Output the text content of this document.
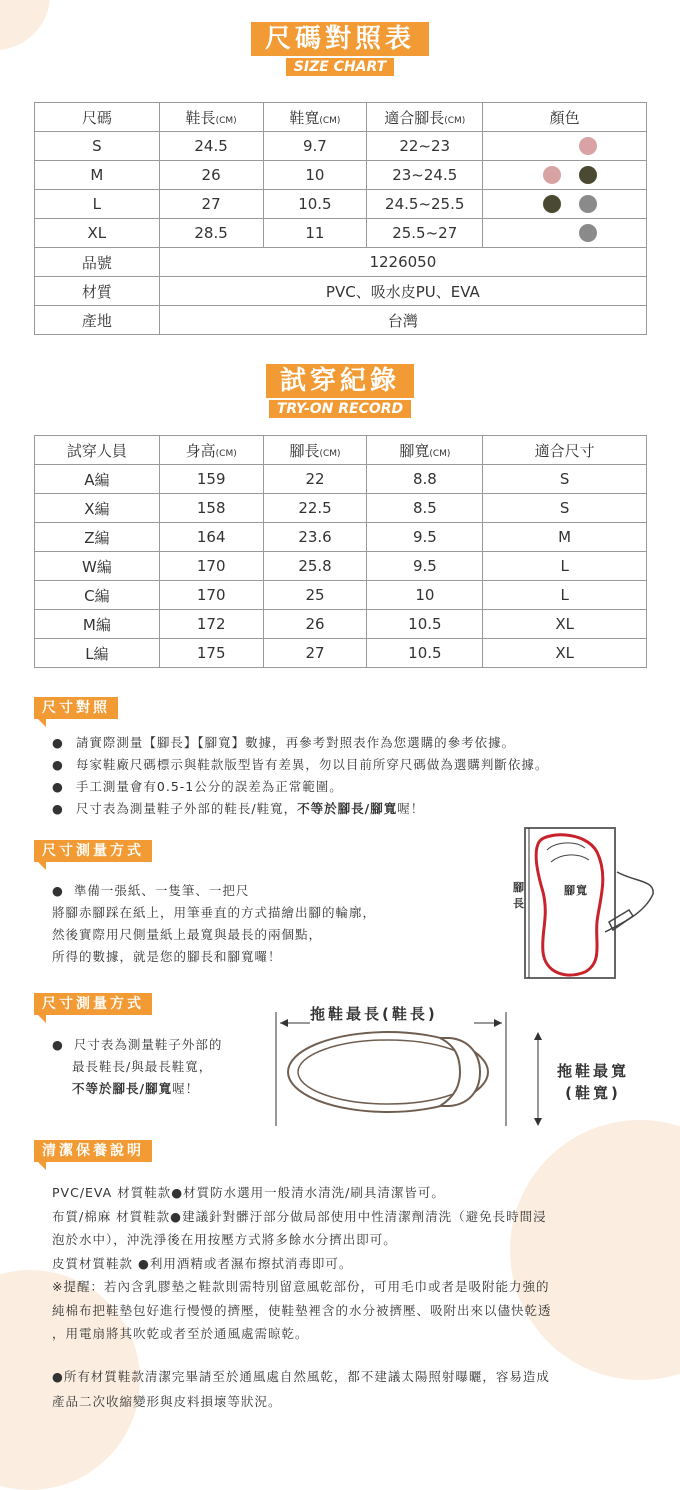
尺碼對照表
SIZE CHART
尺碼	鞋長(CM)	鞋寬(CM)	適合腳長(CM)	顏色
S	24.5	9.7	22~23	
M	26	10	23~24.5	
L	27	10.5	24.5~25.5	
XL	28.5	11	25.5~27	
品號	1226050			
材質	PVC、吸水皮PU、EVA			
產地	台灣			
試穿紀錄
TRY-ON RECORD
試穿人員	身高(CM)	腳長(CM)	腳寬(CM)	適合尺寸
A編	159	22	8.8	S
X編	158	22.5	8.5	S
Z編	164	23.6	9.5	M
W編	170	25.8	9.5	L
C編	170	25	10	L
M編	172	26	10.5	XL
L編	175	27	10.5	XL
尺寸對照
● 請實際測量【腳長】【腳寬】數據，再參考對照表作為您選購的參考依據。
● 每家鞋廠尺碼標示與鞋款版型皆有差異，勿以目前所穿尺碼做為選購判斷依據。
● 手工測量會有0.5-1公分的誤差為正常範圍。
● 尺寸表為測量鞋子外部的鞋長/鞋寬，不等於腳長/腳寬喔！
尺寸測量方式
●  準備一張紙、一隻筆、一把尺
將腳赤腳踩在紙上，用筆垂直的方式描繪出腳的輪廓，
然後實際用尺側量紙上最寬與最長的兩個點，
所得的數據，就是您的腳長和腳寬囉！
腳長
腳寬
尺寸測量方式
●  尺寸表為測量鞋子外部的
最長鞋長/與最長鞋寬，
不等於腳長/腳寬喔！
拖鞋最長(鞋長)
拖鞋最寬
(鞋寬)
清潔保養說明
PVC/EVA 材質鞋款●材質防水選用一般清水清洗/刷具清潔皆可。
布質/棉麻 材質鞋款●建議針對髒汙部分做局部使用中性清潔劑清洗（避免長時間浸
泡於水中），沖洗淨後在用按壓方式將多餘水分擠出即可。
皮質材質鞋款 ●利用酒精或者濕布擦拭消毒即可。
※提醒：若內含乳膠墊之鞋款則需特別留意風乾部份，可用毛巾或者是吸附能力強的
純棉布把鞋墊包好進行慢慢的擠壓，使鞋墊裡含的水分被擠壓、吸附出來以儘快乾透
，用電扇將其吹乾或者至於通風處需晾乾。
●所有材質鞋款清潔完畢請至於通風處自然風乾，都不建議太陽照射曝曬，容易造成
產品二次收縮變形與皮料損壞等狀況。
